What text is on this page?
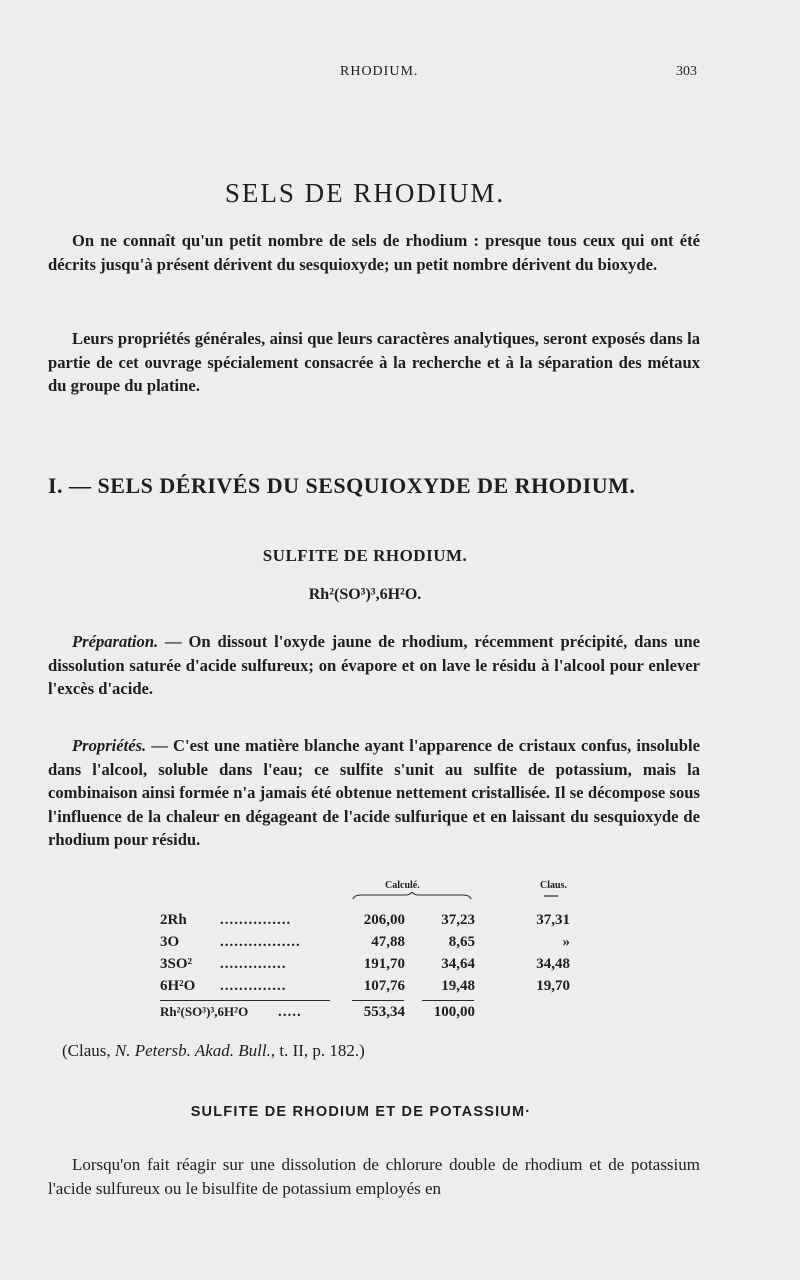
RHODIUM.	303
SELS DE RHODIUM.

On ne connaît qu'un petit nombre de sels de rhodium : presque tous ceux qui ont été décrits jusqu'à présent dérivent du sesquioxyde; un petit nombre dérivent du bioxyde.

Leurs propriétés générales, ainsi que leurs caractères analytiques, seront exposés dans la partie de cet ouvrage spécialement consacrée à la recherche et à la séparation des métaux du groupe du platine.

I. — SELS DÉRIVÉS DU SESQUIOXYDE DE RHODIUM.
SULFITE DE RHODIUM.
Rh²(SO³)³,6H²O.

Préparation. — On dissout l'oxyde jaune de rhodium, récemment précipité, dans une dissolution saturée d'acide sulfureux; on évapore et on lave le résidu à l'alcool pour enlever l'excès d'acide.

Propriétés. — C'est une matière blanche ayant l'apparence de cristaux confus, insoluble dans l'alcool, soluble dans l'eau; ce sulfite s'unit au sulfite de potassium, mais la combinaison ainsi formée n'a jamais été obtenue nettement cristallisée. Il se décompose sous l'influence de la chaleur en dégageant de l'acide sulfurique et en laissant du sesquioxyde de rhodium pour résidu.

Calculé.	Claus.
2Rh ...............	206,00	37,23	37,31
3O	.................	47,88	8,65	»
3SO² ..............	191,70	34,64	34,48
6H²O ..............	107,76	19,48	19,70
Rh²(SO³)³,6H²O .....	553,34	100,00
(Claus, N. Petersb. Akad. Bull., t. II, p. 182.)
SULFITE DE RHODIUM ET DE POTASSIUM·

Lorsqu'on fait réagir sur une dissolution de chlorure double de rhodium et de potassium l'acide sulfureux ou le bisulfite de potassium employés en
